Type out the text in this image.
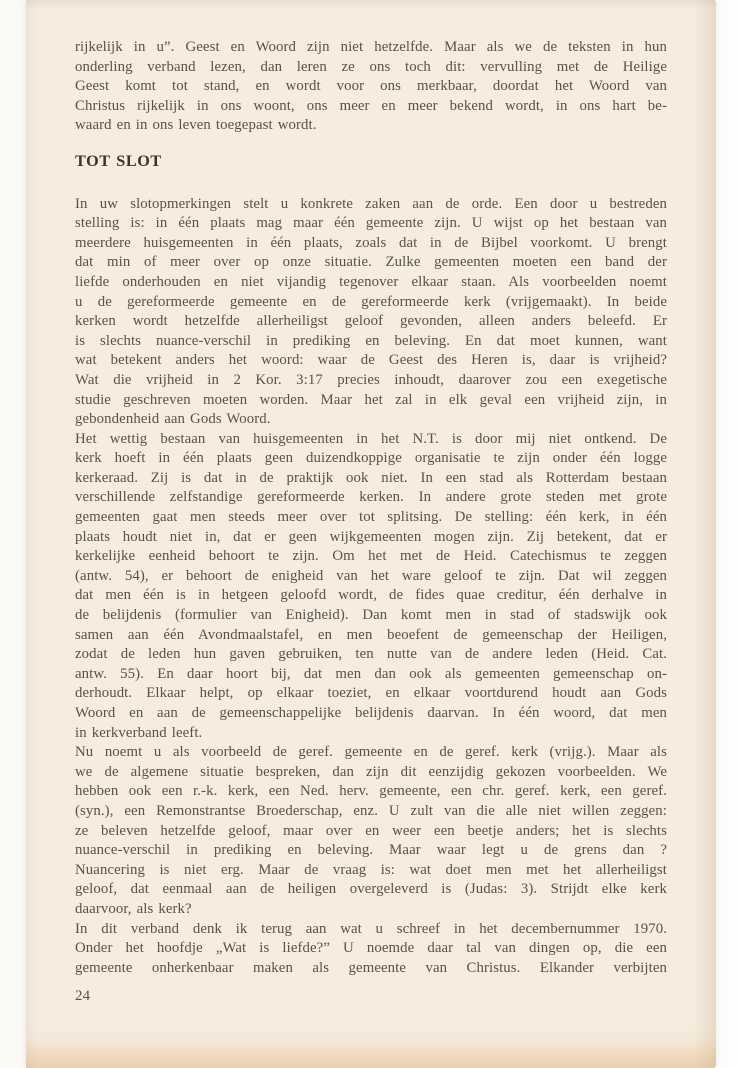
rijkelijk in u”. Geest en Woord zijn niet hetzelfde. Maar als we de teksten in hun
onderling verband lezen, dan leren ze ons toch dit: vervulling met de Heilige
Geest komt tot stand, en wordt voor ons merkbaar, doordat het Woord van
Christus rijkelijk in ons woont, ons meer en meer bekend wordt, in ons hart be-
waard en in ons leven toegepast wordt.
TOT SLOT
In uw slotopmerkingen stelt u konkrete zaken aan de orde. Een door u bestreden
stelling is: in één plaats mag maar één gemeente zijn. U wijst op het bestaan van
meerdere huisgemeenten in één plaats, zoals dat in de Bijbel voorkomt. U brengt
dat min of meer over op onze situatie. Zulke gemeenten moeten een band der
liefde onderhouden en niet vijandig tegenover elkaar staan. Als voorbeelden noemt
u de gereformeerde gemeente en de gereformeerde kerk (vrijgemaakt). In beide
kerken wordt hetzelfde allerheiligst geloof gevonden, alleen anders beleefd. Er
is slechts nuance-verschil in prediking en beleving. En dat moet kunnen, want
wat betekent anders het woord: waar de Geest des Heren is, daar is vrijheid?
Wat die vrijheid in 2 Kor. 3:17 precies inhoudt, daarover zou een exegetische
studie geschreven moeten worden. Maar het zal in elk geval een vrijheid zijn, in
gebondenheid aan Gods Woord.
Het wettig bestaan van huisgemeenten in het N.T. is door mij niet ontkend. De
kerk hoeft in één plaats geen duizendkoppige organisatie te zijn onder één logge
kerkeraad. Zij is dat in de praktijk ook niet. In een stad als Rotterdam bestaan
verschillende zelfstandige gereformeerde kerken. In andere grote steden met grote
gemeenten gaat men steeds meer over tot splitsing. De stelling: één kerk, in één
plaats houdt niet in, dat er geen wijkgemeenten mogen zijn. Zij betekent, dat er
kerkelijke eenheid behoort te zijn. Om het met de Heid. Catechismus te zeggen
(antw. 54), er behoort de enigheid van het ware geloof te zijn. Dat wil zeggen
dat men één is in hetgeen geloofd wordt, de fides quae creditur, één derhalve in
de belijdenis (formulier van Enigheid). Dan komt men in stad of stadswijk ook
samen aan één Avondmaalstafel, en men beoefent de gemeenschap der Heiligen,
zodat de leden hun gaven gebruiken, ten nutte van de andere leden (Heid. Cat.
antw. 55). En daar hoort bij, dat men dan ook als gemeenten gemeenschap on-
derhoudt. Elkaar helpt, op elkaar toeziet, en elkaar voortdurend houdt aan Gods
Woord en aan de gemeenschappelijke belijdenis daarvan. In één woord, dat men
in kerkverband leeft.
Nu noemt u als voorbeeld de geref. gemeente en de geref. kerk (vrijg.). Maar als
we de algemene situatie bespreken, dan zijn dit eenzijdig gekozen voorbeelden. We
hebben ook een r.-k. kerk, een Ned. herv. gemeente, een chr. geref. kerk, een geref.
(syn.), een Remonstrantse Broederschap, enz. U zult van die alle niet willen zeggen:
ze beleven hetzelfde geloof, maar over en weer een beetje anders; het is slechts
nuance-verschil in prediking en beleving. Maar waar legt u de grens dan ?
Nuancering is niet erg. Maar de vraag is: wat doet men met het allerheiligst
geloof, dat eenmaal aan de heiligen overgeleverd is (Judas: 3). Strijdt elke kerk
daarvoor, als kerk?
In dit verband denk ik terug aan wat u schreef in het decembernummer 1970.
Onder het hoofdje „Wat is liefde?” U noemde daar tal van dingen op, die een
gemeente onherkenbaar maken als gemeente van Christus. Elkander verbijten
24
